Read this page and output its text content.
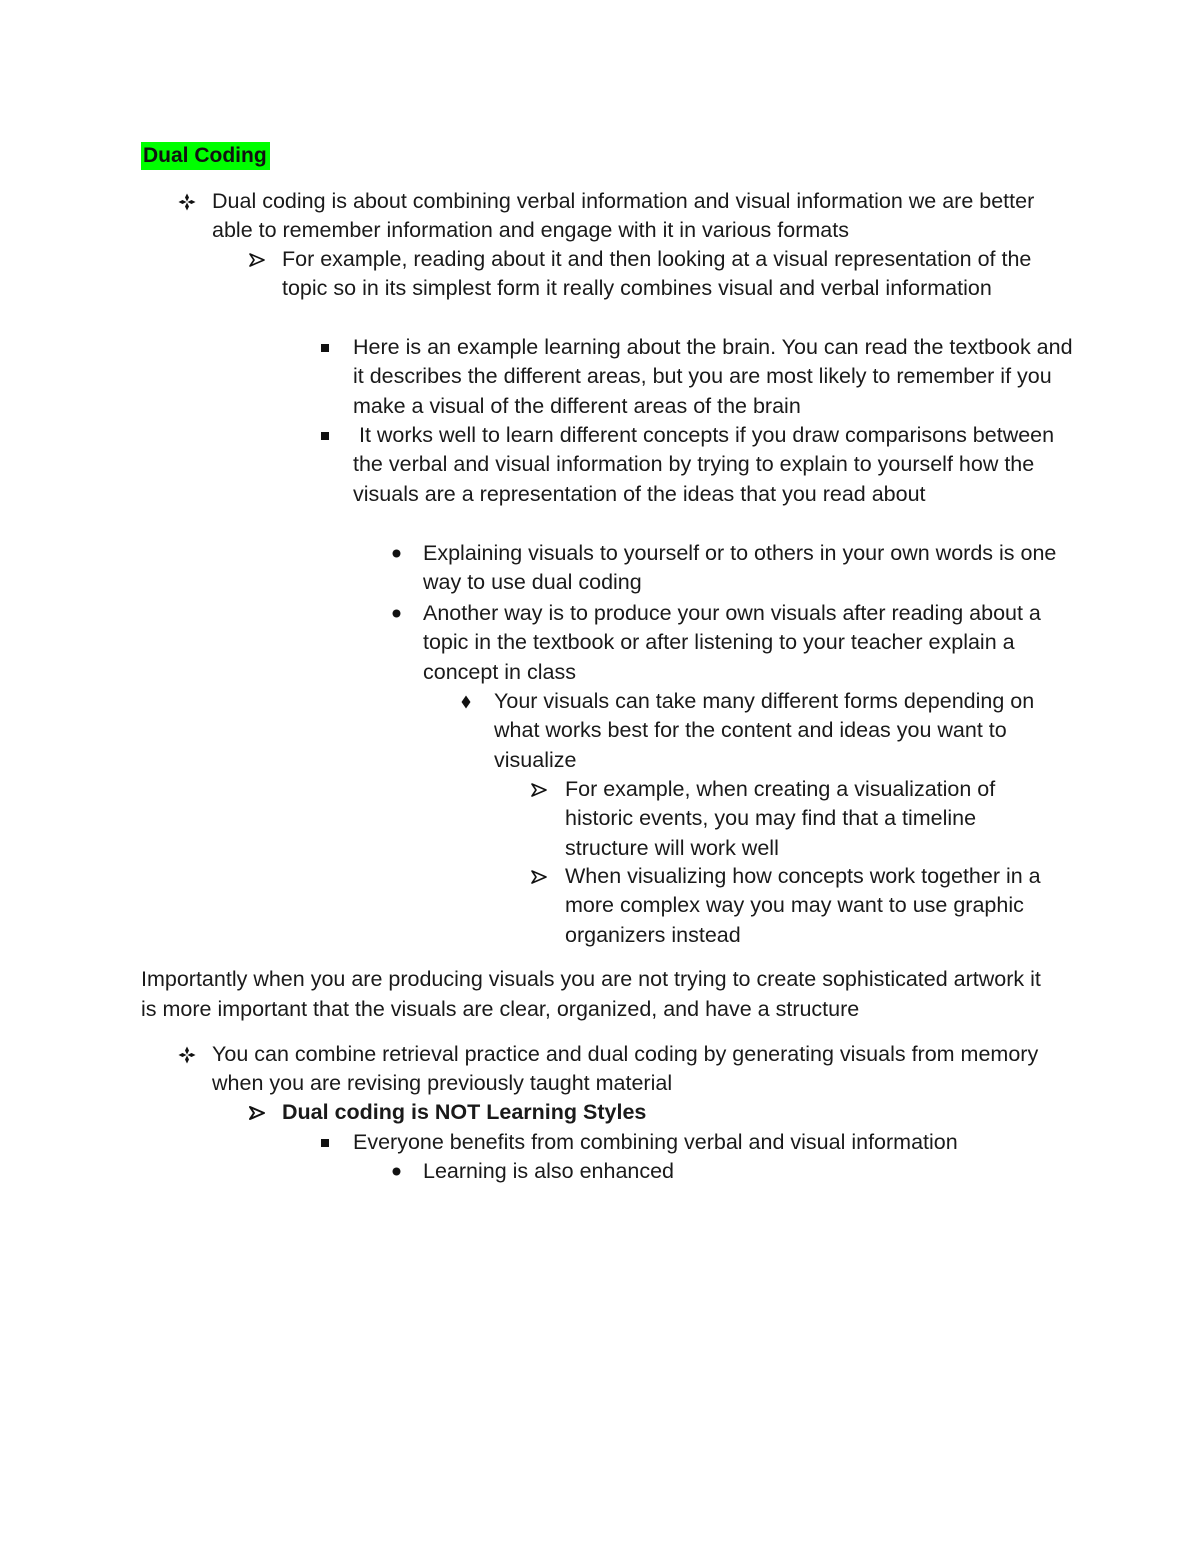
Dual Coding
Dual coding is about combining verbal information and visual information we are better able to remember information and engage with it in various formats
For example, reading about it and then looking at a visual representation of the topic so in its simplest form it really combines visual and verbal information
Here is an example learning about the brain. You can read the textbook and it describes the different areas, but you are most likely to remember if you make a visual of the different areas of the brain
It works well to learn different concepts if you draw comparisons between the verbal and visual information by trying to explain to yourself how the visuals are a representation of the ideas that you read about
Explaining visuals to yourself or to others in your own words is one way to use dual coding
Another way is to produce your own visuals after reading about a topic in the textbook or after listening to your teacher explain a concept in class
Your visuals can take many different forms depending on what works best for the content and ideas you want to visualize
For example, when creating a visualization of historic events, you may find that a timeline structure will work well
When visualizing how concepts work together in a more complex way you may want to use graphic organizers instead
Importantly when you are producing visuals you are not trying to create sophisticated artwork it is more important that the visuals are clear, organized, and have a structure
You can combine retrieval practice and dual coding by generating visuals from memory when you are revising previously taught material
Dual coding is NOT Learning Styles
Everyone benefits from combining verbal and visual information
Learning is also enhanced
